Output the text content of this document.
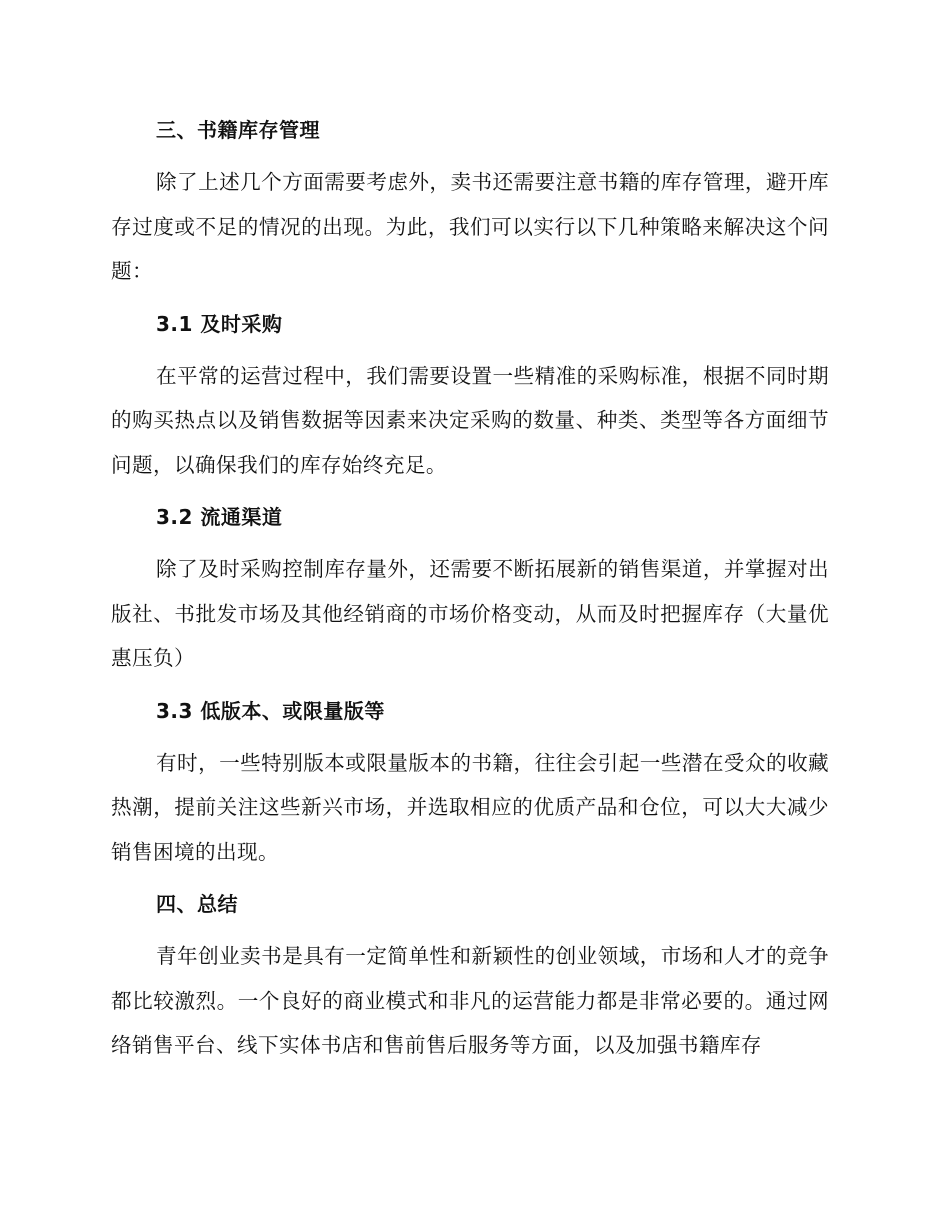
三、书籍库存管理

除了上述几个方面需要考虑外，卖书还需要注意书籍的库存管理，避开库存过度或不足的情况的出现。为此，我们可以实行以下几种策略来解决这个问题：

3.1 及时采购

在平常的运营过程中，我们需要设置一些精准的采购标准，根据不同时期的购买热点以及销售数据等因素来决定采购的数量、种类、类型等各方面细节问题，以确保我们的库存始终充足。

3.2 流通渠道

除了及时采购控制库存量外，还需要不断拓展新的销售渠道，并掌握对出版社、书批发市场及其他经销商的市场价格变动，从而及时把握库存（大量优惠压负）

3.3 低版本、或限量版等

有时，一些特别版本或限量版本的书籍，往往会引起一些潜在受众的收藏热潮，提前关注这些新兴市场，并选取相应的优质产品和仓位，可以大大减少销售困境的出现。

四、总结

青年创业卖书是具有一定简单性和新颖性的创业领域，市场和人才的竞争都比较激烈。一个良好的商业模式和非凡的运营能力都是非常必要的。通过网络销售平台、线下实体书店和售前售后服务等方面，以及加强书籍库存
